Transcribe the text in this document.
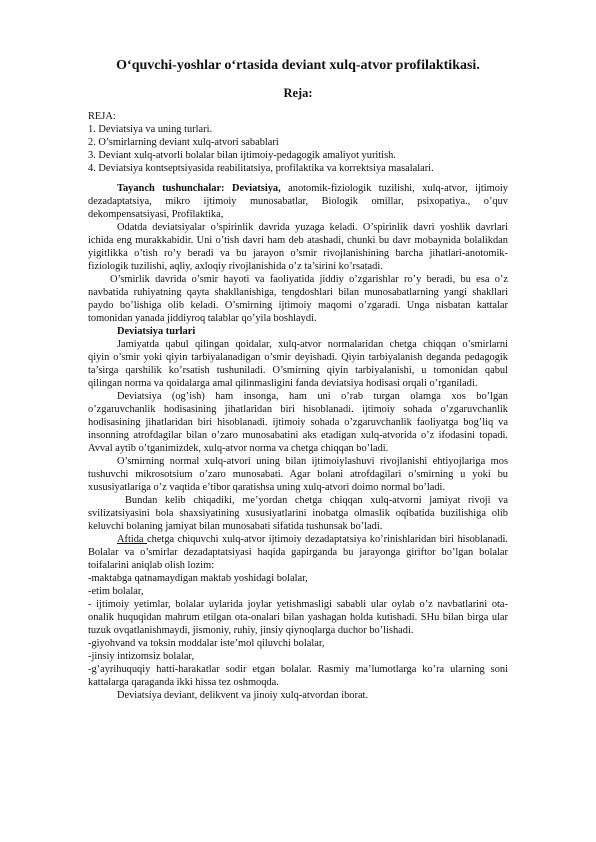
O‘quvchi-yoshlar o‘rtasida deviant xulq-atvor profilaktikasi.
Reja:
REJA:
1. Deviatsiya va uning turlari.
2. O’smirlarning deviant xulq-atvori sabablari
3. Deviant xulq-atvorli bolalar bilan ijtimoiy-pedagogik amaliyot yuritish.
4. Deviatsiya kontseptsiyasida reabilitatsiya, profilaktika va korrektsiya masalalari.
Tayanch tushunchalar: Deviatsiya, anotomik-fiziologik tuzilishi, xulq-atvor, ijtimoiy
dezadaptatsiya, mikro ijtimoiy munosabatlar, Biologik omillar, psixopatiya., o’quv
dekompensatsiyasi, Profilaktika,
Odatda deviatsiyalar o’spirinlik davrida yuzaga keladi. O’spirinlik davri yoshlik davrlari
ichida eng murakkabidir. Uni o’tish davri ham deb atashadi, chunki bu davr mobaynida bolalikdan
yigitlikka o’tish ro’y beradi va bu jarayon o’smir rivojlanishining barcha jihatlari-anotomik-
fiziologik tuzilishi, aqliy, axloqiy rivojlanishida o’z ta’sirini ko’rsatadi.
O’smirlik davrida o’smir hayoti va faoliyatida jiddiy o’zgarishlar ro’y beradi, bu esa o’z
navbatida ruhiyatning qayta shakllanishiga, tengdoshlari bilan munosabatlarning yangi shakllari
paydo bo’lishiga olib keladi. O’smirning ijtimoiy maqomi o’zgaradi. Unga nisbatan kattalar
tomonidan yanada jiddiyroq talablar qo’yila boshlaydi.
Deviatsiya turlari
Jamiyatda qabul qilingan qoidalar, xulq-atvor normalaridan chetga chiqqan o’smirlarni
qiyin o’smir yoki qiyin tarbiyalanadigan o’smir deyishadi. Qiyin tarbiyalanish deganda pedagogik
ta’sirga qarshilik ko’rsatish tushuniladi. O’smirning qiyin tarbiyalanishi, u tomonidan qabul
qilingan norma va qoidalarga amal qilinmasligini fanda deviatsiya hodisasi orqali o’rganiladi.
Deviatsiya (og’ish) ham insonga, ham uni o’rab turgan olamga xos bo’lgan
o’zgaruvchanlik hodisasining jihatlaridan biri hisoblanadi. ijtimoiy sohada o’zgaruvchanlik
hodisasining jihatlaridan biri hisoblanadi. ijtimoiy sohada o’zgaruvchanlik faoliyatga bog’liq va
insonning atrofdagilar bilan o’zaro munosabatini aks etadigan xulq-atvorida o’z ifodasini topadi.
Avval aytib o’tganimizdek, xulq-atvor norma va chetga chiqqan bo’ladi.
O’smirning normal xulq-atvori uning bilan ijtimoiylashuvi rivojlanishi ehtiyojlariga mos
tushuvchi mikrosotsium o’zaro munosabati. Agar bolani atrofdagilari o’smirning u yoki bu
xususiyatlariga o’z vaqtida e’tibor qaratishsa uning xulq-atvori doimo normal bo’ladi.
Bundan kelib chiqadiki, me’yordan chetga chiqqan xulq-atvorni jamiyat rivoji va
svilizatsiyasini bola shaxsiyatining xususiyatlarini inobatga olmaslik oqibatida buzilishiga olib
keluvchi bolaning jamiyat bilan munosabati sifatida tushunsak bo’ladi.
Aftida chetga chiquvchi xulq-atvor ijtimoiy dezadaptatsiya ko’rinishlaridan biri hisoblanadi.
Bolalar va o’smirlar dezadaptatsiyasi haqida gapirganda bu jarayonga giriftor bo’lgan bolalar
toifalarini aniqlab olish lozim:
-maktabga qatnamaydigan maktab yoshidagi bolalar,
-etim bolalar,
- ijtimoiy yetimlar, bolalar uylarida joylar yetishmasligi sababli ular oylab o’z navbatlarini ota-
onalik huquqidan mahrum etilgan ota-onalari bilan yashagan holda kutishadi. SHu bilan birga ular
tuzuk ovqatlanishmaydi, jismoniy, ruhiy, jinsiy qiynoqlarga duchor bo’lishadi.
-giyohvand va toksin moddalar iste’mol qiluvchi bolalar,
-jinsiy intizomsiz bolalar,
-g’ayrihuquqiy hatti-harakatlar sodir etgan bolalar. Rasmiy ma’lumotlarga ko’ra ularning soni
kattalarga qaraganda ikki hissa tez oshmoqda.
Deviatsiya deviant, delikvent va jinoiy xulq-atvordan iborat.
